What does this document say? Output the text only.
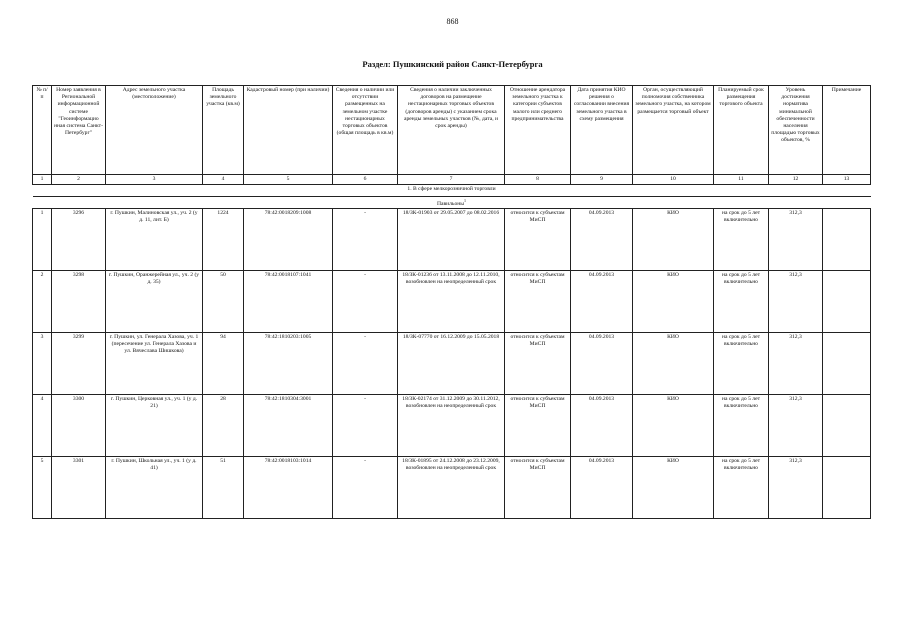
868
Раздел: Пушкинский район Санкт-Петербурга
№ п/п	Номер заявления в Региональной информационной системе "Геоинформацио нная система Санкт-Петербург"	Адрес земельного участка (местоположение)	Площадь земельного участка (кв.м)	Кадастровый номер (при наличии)	Сведения о наличии или отсутствии размещенных на земельном участке нестационарных торговых объектов (общая площадь в кв.м)	Сведения о наличии заключенных договоров на размещение нестационарных торговых объектов (договоров аренды) с указанием срока аренды земельных участков (№, дата, и срок аренды)	Отношение арендатора земельного участка к категории субъектов малого или среднего предпринимательства	Дата принятия КИО решения о согласовании внесения земельного участка в схему размещения	Орган, осуществляющий полномочия собственника земельного участка, на котором размещается торговый объект	Планируемый срок размещения торгового объекта	Уровень достижения норматива минимальной обеспеченности населения площадью торговых объектов, %	Примечание
1	2	3	4	5	6	7	8	9	10	11	12	13
1. В сфере мелкорозничной торговли												
Павильоны$^1$
1	3296	г. Пушкин, Малиновская ул., уч. 2 (у д. 11, лит. Б)	1224	78:42:0018209:1008	-	18/ЗК-01903 от 29.05.2007 до 08.02.2016	относится к субъектам МиСП	04.09.2013	КИО	на срок до 5 лет включительно	312,3	
2	3298	г. Пушкин, Оранжерейная ул., уч. 2 (у д. 35)	50	78:42:0018107:1041	-	18/ЗК-01236 от 13.11.2008 до 12.11.2010, возобновлен на неопределенный срок	относится к субъектам МиСП	04.09.2013	КИО	на срок до 5 лет включительно	312,3	
3	3299	г. Пушкин, ул. Генерала Хазова, уч. 1 (пересечение ул. Генерала Хазова и ул. Вячеслава Шишкова)	94	78:42:1810203:1005	-	18/ЗК-07770 от 16.12.2009 до 15.05.2018	относится к субъектам МиСП	04.09.2013	КИО	на срок до 5 лет включительно	312,3	
4	3300	г. Пушкин, Церковная ул., уч. 1 (у д. 21)	28	78:42:1810304:3001	-	18/ЗК-02174 от 31.12.2009 до 30.11.2012, возобновлен на неопределенный срок	относится к субъектам МиСП	04.09.2013	КИО	на срок до 5 лет включительно	312,3	
5	3301	г. Пушкин, Школьная ул., уч. 1 (у д. 41)	51	78:42:0018103:1014	-	18/ЗК-01895 от 24.12.2008 до 23.12.2009, возобновлен на неопределенный срок	относится к субъектам МиСП	04.09.2013	КИО	на срок до 5 лет включительно	312,3	
